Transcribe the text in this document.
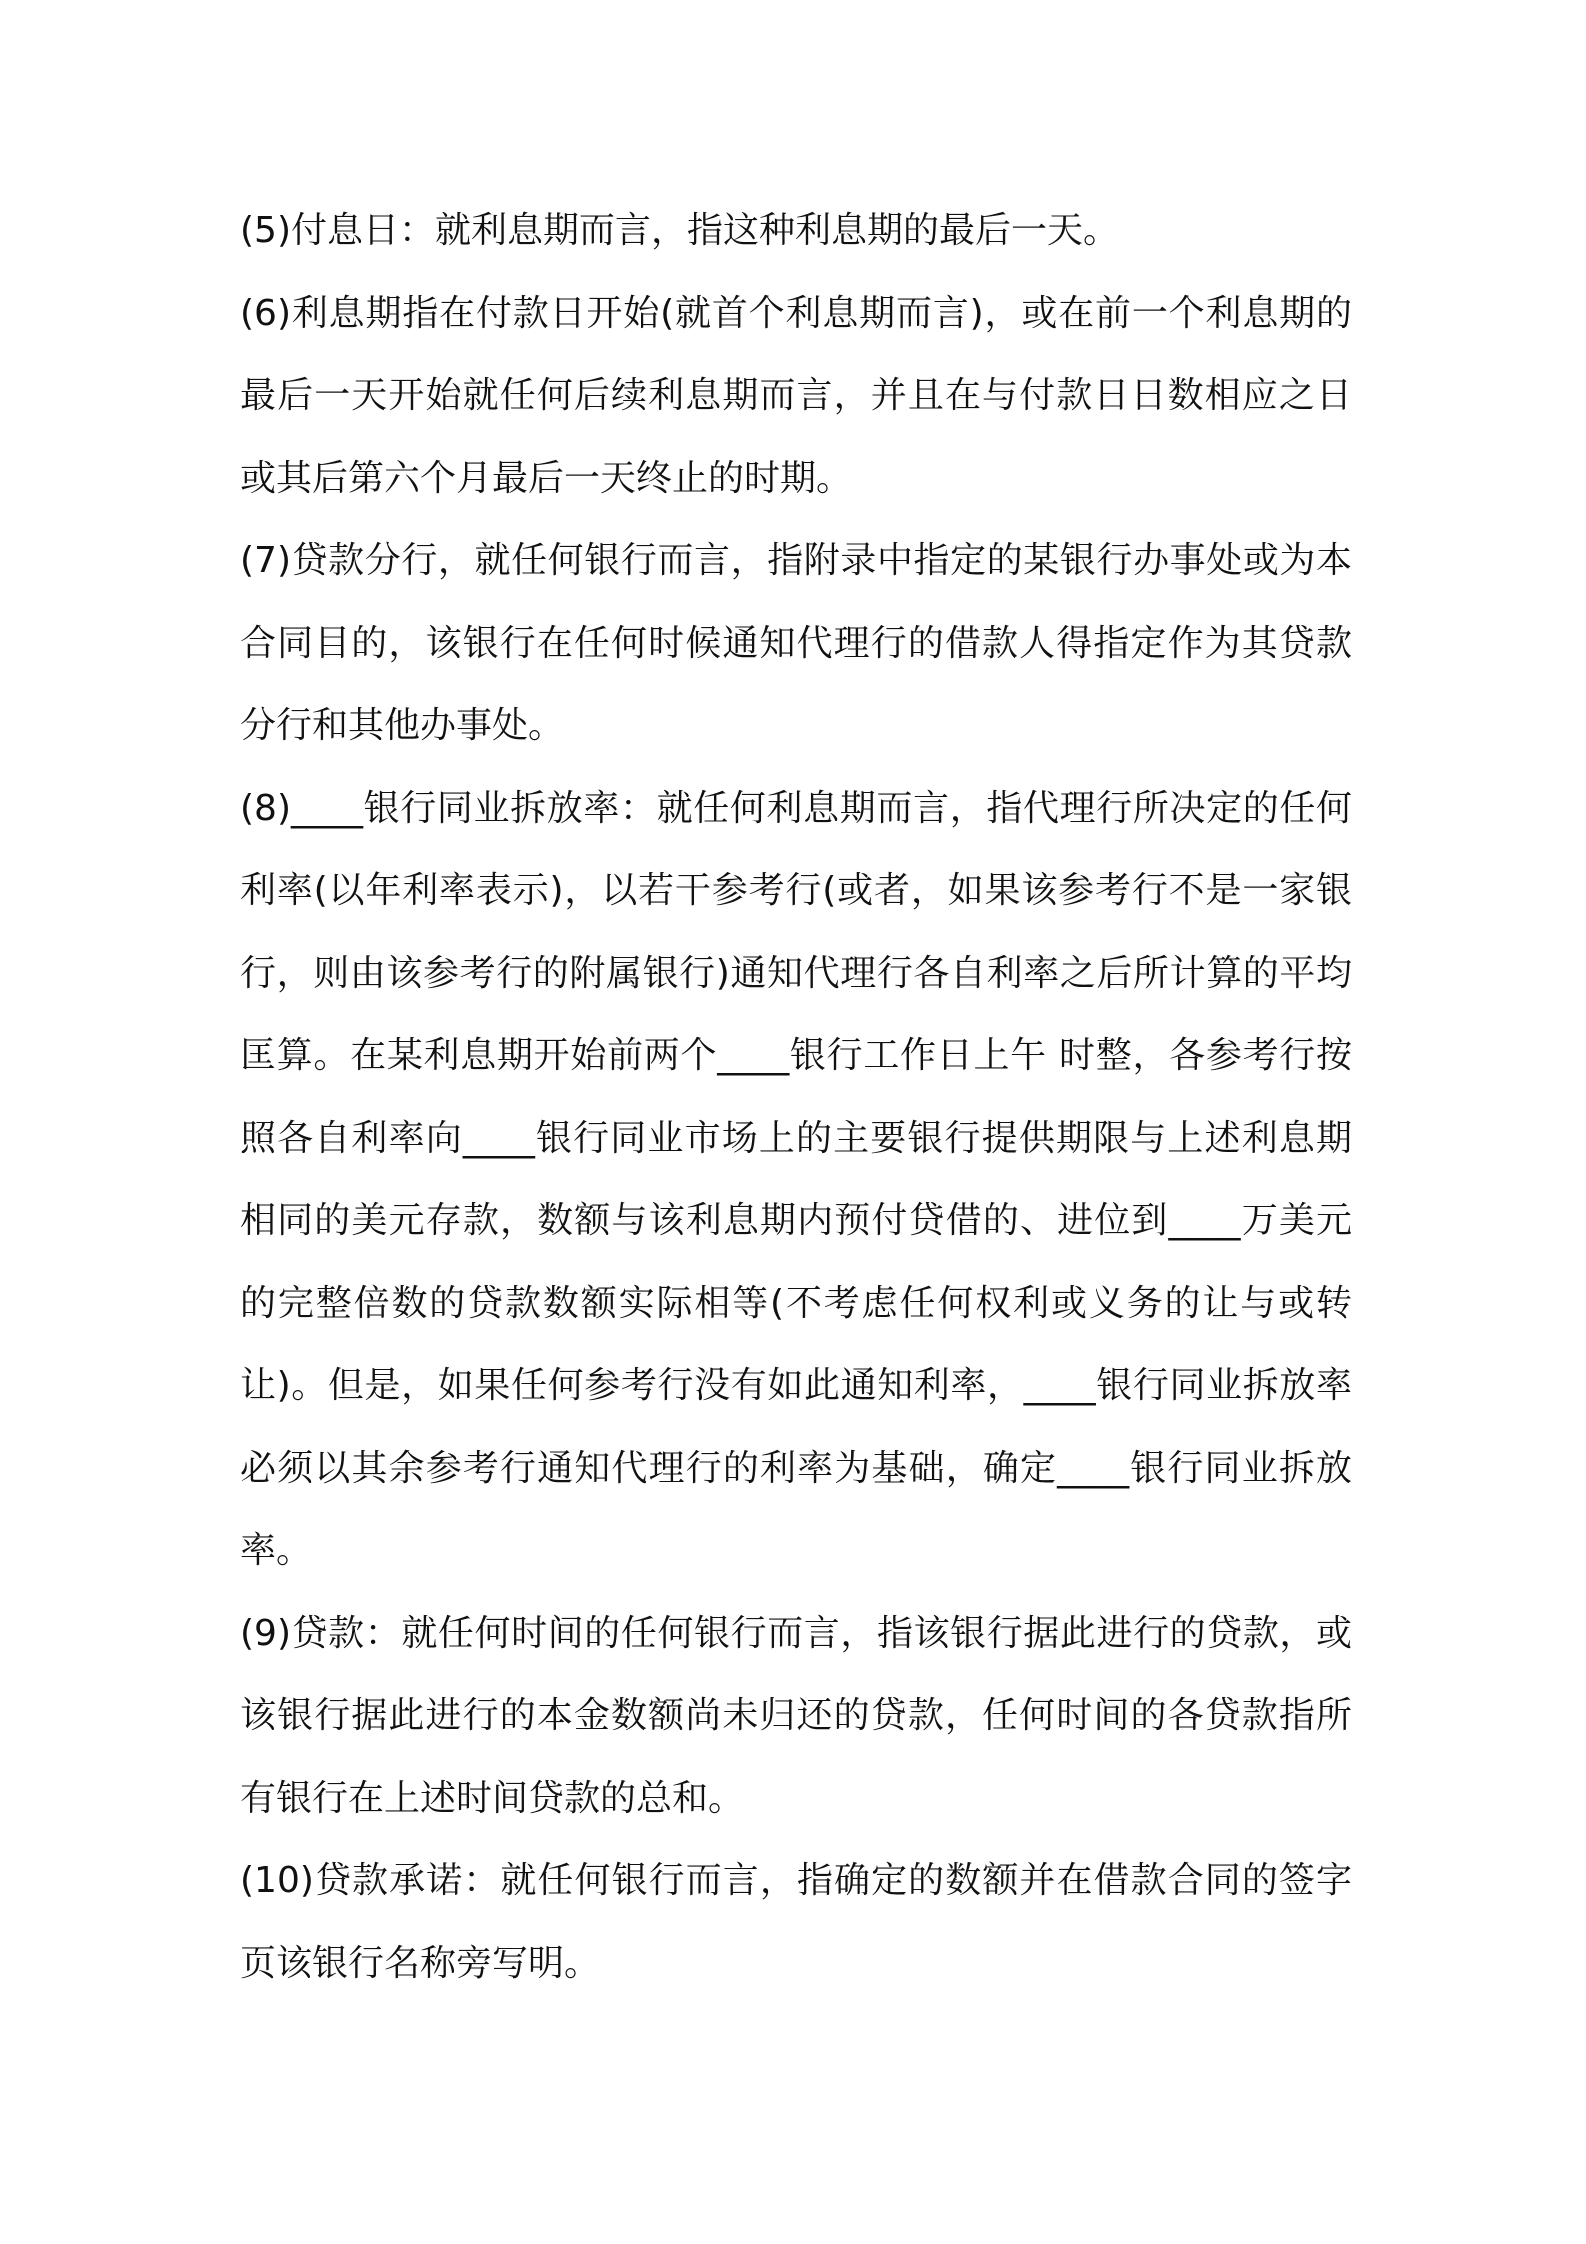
(5)付息日：就利息期而言，指这种利息期的最后一天。

(6)利息期指在付款日开始(就首个利息期而言)，或在前一个利息期的最后一天开始就任何后续利息期而言，并且在与付款日日数相应之日或其后第六个月最后一天终止的时期。

(7)贷款分行，就任何银行而言，指附录中指定的某银行办事处或为本合同目的，该银行在任何时候通知代理行的借款人得指定作为其贷款分行和其他办事处。

(8)____银行同业拆放率：就任何利息期而言，指代理行所决定的任何利率(以年利率表示)，以若干参考行(或者，如果该参考行不是一家银行，则由该参考行的附属银行)通知代理行各自利率之后所计算的平均匡算。在某利息期开始前两个____银行工作日上午 时整，各参考行按照各自利率向____银行同业市场上的主要银行提供期限与上述利息期相同的美元存款，数额与该利息期内预付贷借的、进位到____万美元的完整倍数的贷款数额实际相等(不考虑任何权利或义务的让与或转让)。但是，如果任何参考行没有如此通知利率，____银行同业拆放率必须以其余参考行通知代理行的利率为基础，确定____银行同业拆放率。

(9)贷款：就任何时间的任何银行而言，指该银行据此进行的贷款，或该银行据此进行的本金数额尚未归还的贷款，任何时间的各贷款指所有银行在上述时间贷款的总和。

(10)贷款承诺：就任何银行而言，指确定的数额并在借款合同的签字页该银行名称旁写明。
